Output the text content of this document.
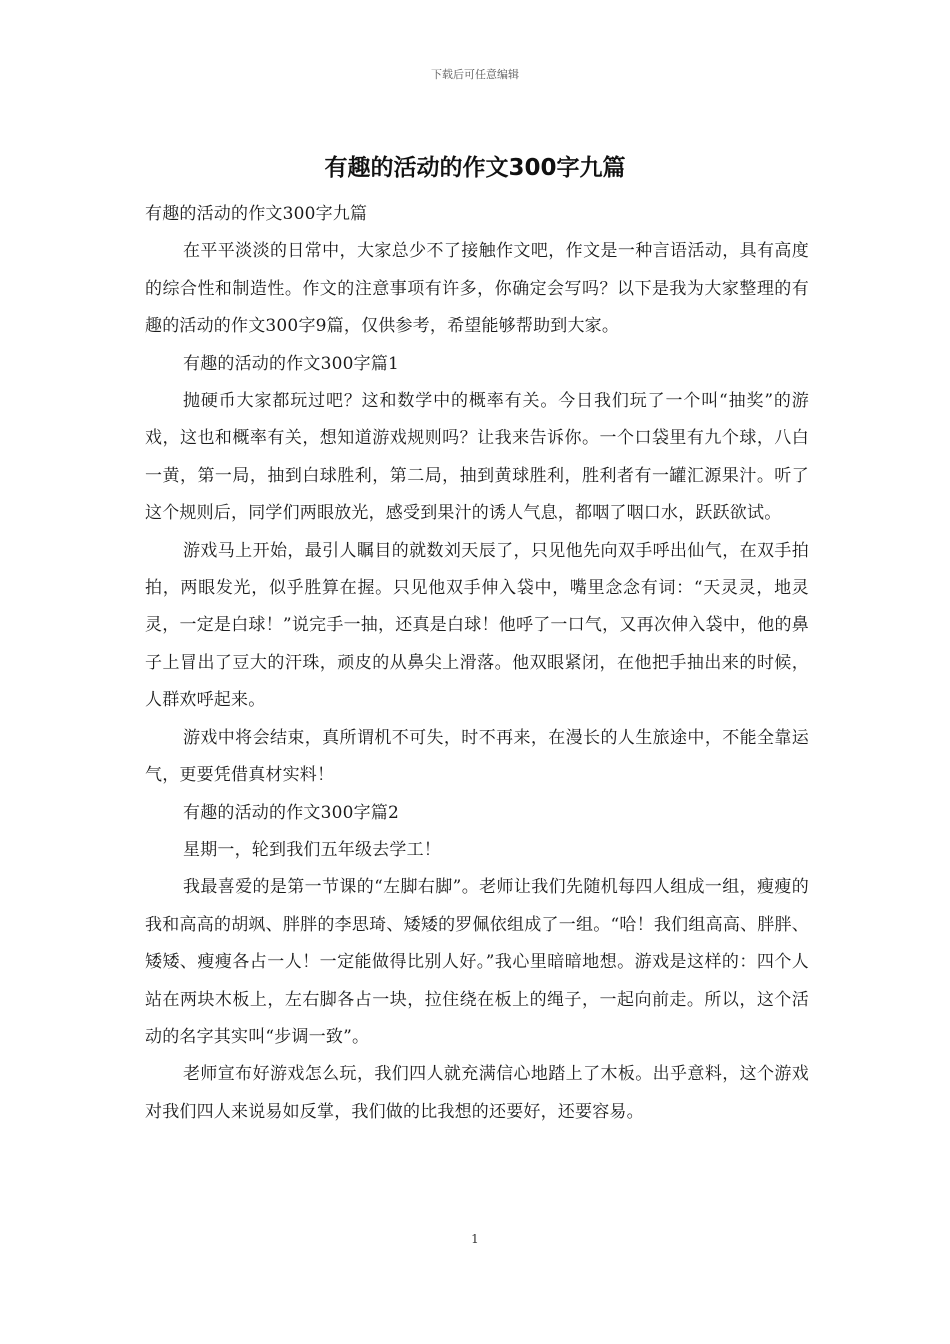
下载后可任意编辑
有趣的活动的作文300字九篇

有趣的活动的作文300字九篇

在平平淡淡的日常中，大家总少不了接触作文吧，作文是一种言语活动，具有高度的综合性和制造性。作文的注意事项有许多，你确定会写吗？以下是我为大家整理的有趣的活动的作文300字9篇，仅供参考，希望能够帮助到大家。

有趣的活动的作文300字篇1

抛硬币大家都玩过吧？这和数学中的概率有关。今日我们玩了一个叫“抽奖”的游戏，这也和概率有关，想知道游戏规则吗？让我来告诉你。一个口袋里有九个球，八白一黄，第一局，抽到白球胜利，第二局，抽到黄球胜利，胜利者有一罐汇源果汁。听了这个规则后，同学们两眼放光，感受到果汁的诱人气息，都咽了咽口水，跃跃欲试。

游戏马上开始，最引人瞩目的就数刘天辰了，只见他先向双手呼出仙气，在双手拍拍，两眼发光，似乎胜算在握。只见他双手伸入袋中，嘴里念念有词：“天灵灵，地灵灵，一定是白球！”说完手一抽，还真是白球！他呼了一口气，又再次伸入袋中，他的鼻子上冒出了豆大的汗珠，顽皮的从鼻尖上滑落。他双眼紧闭，在他把手抽出来的时候，人群欢呼起来。

游戏中将会结束，真所谓机不可失，时不再来，在漫长的人生旅途中，不能全靠运气，更要凭借真材实料！

有趣的活动的作文300字篇2

星期一，轮到我们五年级去学工！

我最喜爱的是第一节课的“左脚右脚”。老师让我们先随机每四人组成一组，瘦瘦的我和高高的胡飒、胖胖的李思琦、矮矮的罗佩依组成了一组。“哈！我们组高高、胖胖、矮矮、瘦瘦各占一人！一定能做得比别人好。”我心里暗暗地想。游戏是这样的：四个人站在两块木板上，左右脚各占一块，拉住绕在板上的绳子，一起向前走。所以，这个活动的名字其实叫“步调一致”。

老师宣布好游戏怎么玩，我们四人就充满信心地踏上了木板。出乎意料，这个游戏对我们四人来说易如反掌，我们做的比我想的还要好，还要容易。

1
